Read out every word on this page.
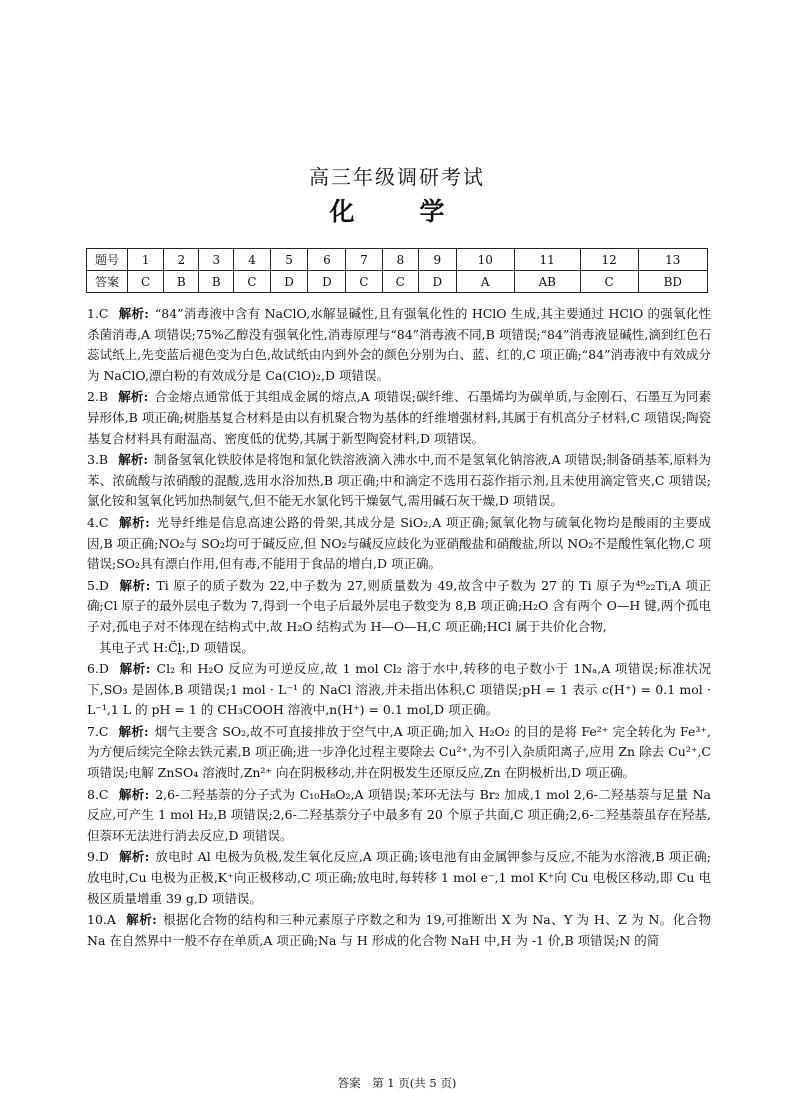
高三年级调研考试
化　学
题号	1	2	3	4	5	6	7	8	9	10	11	12	13
答案	C	B	B	C	D	D	C	C	D	A	AB	C	BD
1.C 解析: “84”消毒液中含有 NaClO,水解显碱性,且有强氧化性的 HClO 生成,其主要通过 HClO 的强氧化性杀菌消毒,A 项错误;75%乙醇没有强氧化性,消毒原理与“84”消毒液不同,B 项错误;“84”消毒液显碱性,滴到红色石蕊试纸上,先变蓝后褪色变为白色,故试纸由内到外会的颜色分别为白、蓝、红的,C 项正确;“84”消毒液中有效成分为 NaClO,漂白粉的有效成分是 Ca(ClO)₂,D 项错误。
2.B 解析: 合金熔点通常低于其组成金属的熔点,A 项错误;碳纤维、石墨烯均为碳单质,与金刚石、石墨互为同素异形体,B 项正确;树脂基复合材料是由以有机聚合物为基体的纤维增强材料,其属于有机高分子材料,C 项错误;陶瓷基复合材料具有耐温高、密度低的优势,其属于新型陶瓷材料,D 项错误。
3.B 解析: 制备氢氧化铁胶体是将饱和氯化铁溶液滴入沸水中,而不是氢氧化钠溶液,A 项错误;制备硝基苯,原料为苯、浓硫酸与浓硝酸的混酸,选用水浴加热,B 项正确;中和滴定不选用石蕊作指示剂,且未使用滴定管夹,C 项错误;氯化铵和氢氧化钙加热制氨气,但不能无水氯化钙干燥氨气,需用碱石灰干燥,D 项错误。
4.C 解析: 光导纤维是信息高速公路的骨架,其成分是 SiO₂,A 项正确;氮氧化物与硫氧化物均是酸雨的主要成因,B 项正确;NO₂与 SO₂均可于碱反应,但 NO₂与碱反应歧化为亚硝酸盐和硝酸盐,所以 NO₂不是酸性氧化物,C 项错误;SO₂具有漂白作用,但有毒,不能用于食品的增白,D 项正确。
5.D 解析: Ti 原子的质子数为 22,中子数为 27,则质量数为 49,故含中子数为 27 的 Ti 原子为⁴⁹₂₂Ti,A 项正确;Cl 原子的最外层电子数为 7,得到一个电子后最外层电子数变为 8,B 项正确;H₂O 含有两个 O—H 键,两个孤电子对,孤电子对不体现在结构式中,故 H₂O 结构式为 H—O—H,C 项正确;HCl 属于共价化合物,
其电子式 H:C̈l̤:,D 项错误。
6.D 解析: Cl₂ 和 H₂O 反应为可逆反应,故 1 mol Cl₂ 溶于水中,转移的电子数小于 1Nₐ,A 项错误;标准状况下,SO₃ 是固体,B 项错误;1 mol · L⁻¹ 的 NaCl 溶液,并未指出体积,C 项错误;pH = 1 表示 c(H⁺) = 0.1 mol · L⁻¹,1 L 的 pH = 1 的 CH₃COOH 溶液中,n(H⁺) = 0.1 mol,D 项正确。
7.C 解析: 烟气主要含 SO₂,故不可直接排放于空气中,A 项正确;加入 H₂O₂ 的目的是将 Fe²⁺ 完全转化为 Fe³⁺,为方便后续完全除去铁元素,B 项正确;进一步净化过程主要除去 Cu²⁺,为不引入杂质阳离子,应用 Zn 除去 Cu²⁺,C 项错误;电解 ZnSO₄ 溶液时,Zn²⁺ 向在阴极移动,并在阴极发生还原反应,Zn 在阴极析出,D 项正确。
8.C 解析: 2,6-二羟基萘的分子式为 C₁₀H₈O₂,A 项错误;苯环无法与 Br₂ 加成,1 mol 2,6-二羟基萘与足量 Na 反应,可产生 1 mol H₂,B 项错误;2,6-二羟基萘分子中最多有 20 个原子共面,C 项正确;2,6-二羟基萘虽存在羟基,但萘环无法进行消去反应,D 项错误。
9.D 解析: 放电时 Al 电极为负极,发生氧化反应,A 项正确;该电池有由金属钾参与反应,不能为水溶液,B 项正确;放电时,Cu 电极为正极,K⁺向正极移动,C 项正确;放电时,每转移 1 mol e⁻,1 mol K⁺向 Cu 电极区移动,即 Cu 电极区质量增重 39 g,D 项错误。
10.A 解析: 根据化合物的结构和三种元素原子序数之和为 19,可推断出 X 为 Na、Y 为 H、Z 为 N。化合物 Na 在自然界中一般不存在单质,A 项正确;Na 与 H 形成的化合物 NaH 中,H 为 -1 价,B 项错误;N 的简
答案　第 1 页(共 5 页)
